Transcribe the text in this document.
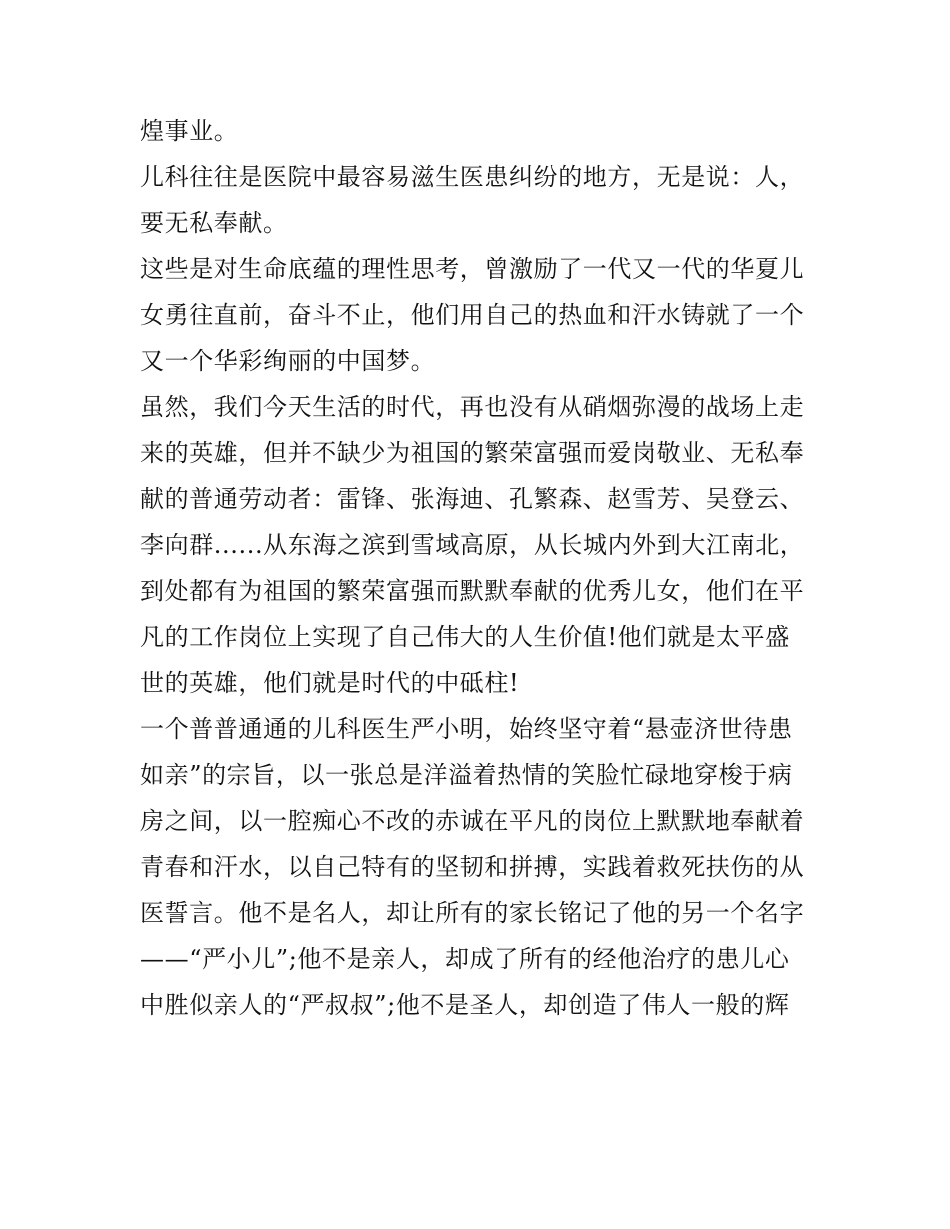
煌事业。
儿科往往是医院中最容易滋生医患纠纷的地方，无是说：人，
要无私奉献。
这些是对生命底蕴的理性思考，曾激励了一代又一代的华夏儿
女勇往直前，奋斗不止，他们用自己的热血和汗水铸就了一个
又一个华彩绚丽的中国梦。
虽然，我们今天生活的时代，再也没有从硝烟弥漫的战场上走
来的英雄，但并不缺少为祖国的繁荣富强而爱岗敬业、无私奉
献的普通劳动者：雷锋、张海迪、孔繁森、赵雪芳、吴登云、
李向群......从东海之滨到雪域高原，从长城内外到大江南北，
到处都有为祖国的繁荣富强而默默奉献的优秀儿女，他们在平
凡的工作岗位上实现了自己伟大的人生价值!他们就是太平盛
世的英雄，他们就是时代的中砥柱!
一个普普通通的儿科医生严小明，始终坚守着“悬壶济世待患
如亲”的宗旨，以一张总是洋溢着热情的笑脸忙碌地穿梭于病
房之间，以一腔痴心不改的赤诚在平凡的岗位上默默地奉献着
青春和汗水，以自己特有的坚韧和拼搏，实践着救死扶伤的从
医誓言。他不是名人，却让所有的家长铭记了他的另一个名字
——“严小儿”;他不是亲人，却成了所有的经他治疗的患儿心
中胜似亲人的“严叔叔”;他不是圣人，却创造了伟人一般的辉
